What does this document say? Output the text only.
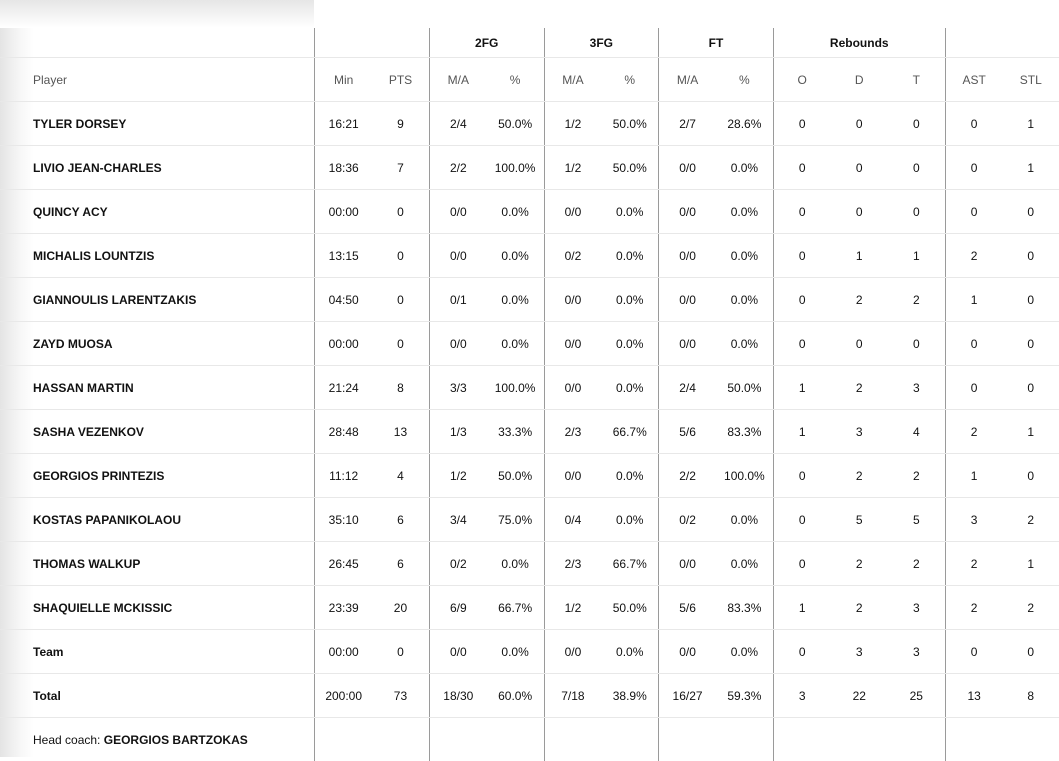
			2FG		3FG		FT		Rebounds				
Player	Min	PTS	M/A	%	M/A	%	M/A	%	O	D	T	AST	STL
TYLER DORSEY	16:21	9	2/4	50.0%	1/2	50.0%	2/7	28.6%	0	0	0	0	1
LIVIO JEAN-CHARLES	18:36	7	2/2	100.0%	1/2	50.0%	0/0	0.0%	0	0	0	0	1
QUINCY ACY	00:00	0	0/0	0.0%	0/0	0.0%	0/0	0.0%	0	0	0	0	0
MICHALIS LOUNTZIS	13:15	0	0/0	0.0%	0/2	0.0%	0/0	0.0%	0	1	1	2	0
GIANNOULIS LARENTZAKIS	04:50	0	0/1	0.0%	0/0	0.0%	0/0	0.0%	0	2	2	1	0
ZAYD MUOSA	00:00	0	0/0	0.0%	0/0	0.0%	0/0	0.0%	0	0	0	0	0
HASSAN MARTIN	21:24	8	3/3	100.0%	0/0	0.0%	2/4	50.0%	1	2	3	0	0
SASHA VEZENKOV	28:48	13	1/3	33.3%	2/3	66.7%	5/6	83.3%	1	3	4	2	1
GEORGIOS PRINTEZIS	11:12	4	1/2	50.0%	0/0	0.0%	2/2	100.0%	0	2	2	1	0
KOSTAS PAPANIKOLAOU	35:10	6	3/4	75.0%	0/4	0.0%	0/2	0.0%	0	5	5	3	2
THOMAS WALKUP	26:45	6	0/2	0.0%	2/3	66.7%	0/0	0.0%	0	2	2	2	1
SHAQUIELLE MCKISSIC	23:39	20	6/9	66.7%	1/2	50.0%	5/6	83.3%	1	2	3	2	2
Team	00:00	0	0/0	0.0%	0/0	0.0%	0/0	0.0%	0	3	3	0	0
Total	200:00	73	18/30	60.0%	7/18	38.9%	16/27	59.3%	3	22	25	13	8
Head coach: GEORGIOS BARTZOKAS													
